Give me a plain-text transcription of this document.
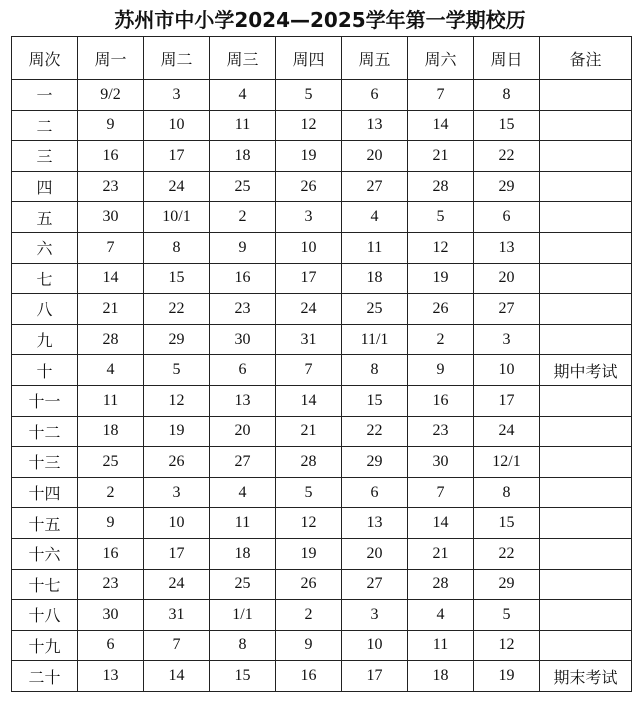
苏州市中小学2024—2025学年第一学期校历
周次	周一	周二	周三	周四	周五	周六	周日	备注
一	9/2	3	4	5	6	7	8	
二	9	10	11	12	13	14	15	
三	16	17	18	19	20	21	22	
四	23	24	25	26	27	28	29	
五	30	10/1	2	3	4	5	6	
六	7	8	9	10	11	12	13	
七	14	15	16	17	18	19	20	
八	21	22	23	24	25	26	27	
九	28	29	30	31	11/1	2	3	
十	4	5	6	7	8	9	10	期中考试
十一	11	12	13	14	15	16	17	
十二	18	19	20	21	22	23	24	
十三	25	26	27	28	29	30	12/1	
十四	2	3	4	5	6	7	8	
十五	9	10	11	12	13	14	15	
十六	16	17	18	19	20	21	22	
十七	23	24	25	26	27	28	29	
十八	30	31	1/1	2	3	4	5	
十九	6	7	8	9	10	11	12	
二十	13	14	15	16	17	18	19	期末考试
